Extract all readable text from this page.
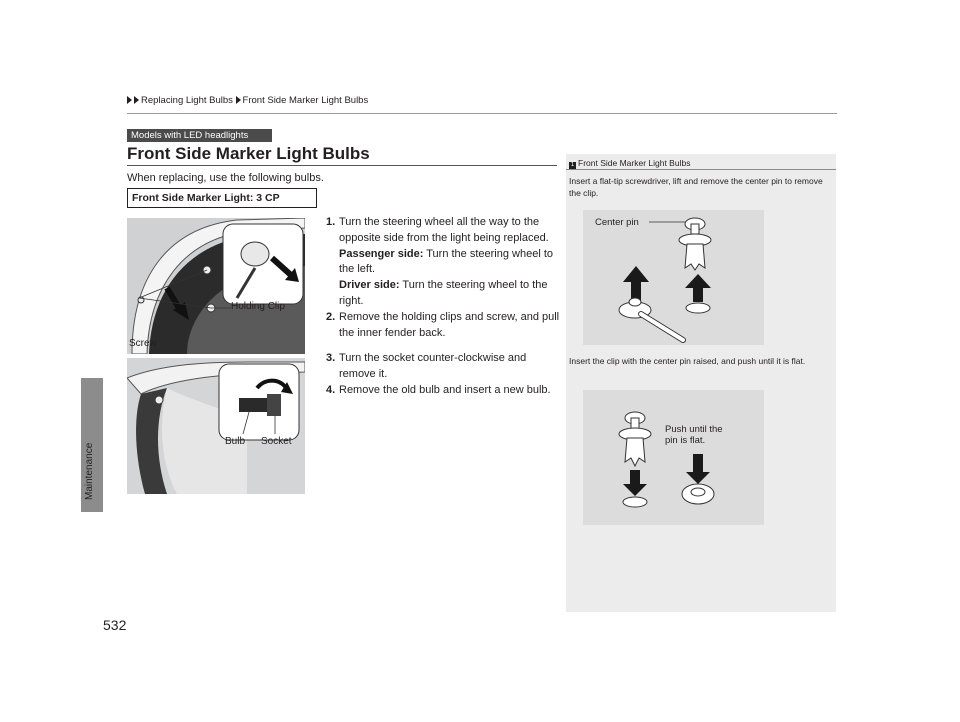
Maintenance
Replacing Light Bulbs Front Side Marker Light Bulbs
Models with LED headlights
Front Side Marker Light Bulbs
When replacing, use the following bulbs.
Front Side Marker Light: 3 CP
Holding Clip
Screw
Bulb Socket
1. Turn the steering wheel all the way to the opposite side from the light being replaced.
Passenger side: Turn the steering wheel to the left.
Driver side: Turn the steering wheel to the right.
2. Remove the holding clips and screw, and pull the inner fender back.
3. Turn the socket counter-clockwise and remove it.
4. Remove the old bulb and insert a new bulb.
1 Front Side Marker Light Bulbs
Insert a flat-tip screwdriver, lift and remove the center pin to remove the clip.
Center pin
Insert the clip with the center pin raised, and push until it is flat.
Push until the
pin is flat.
532
